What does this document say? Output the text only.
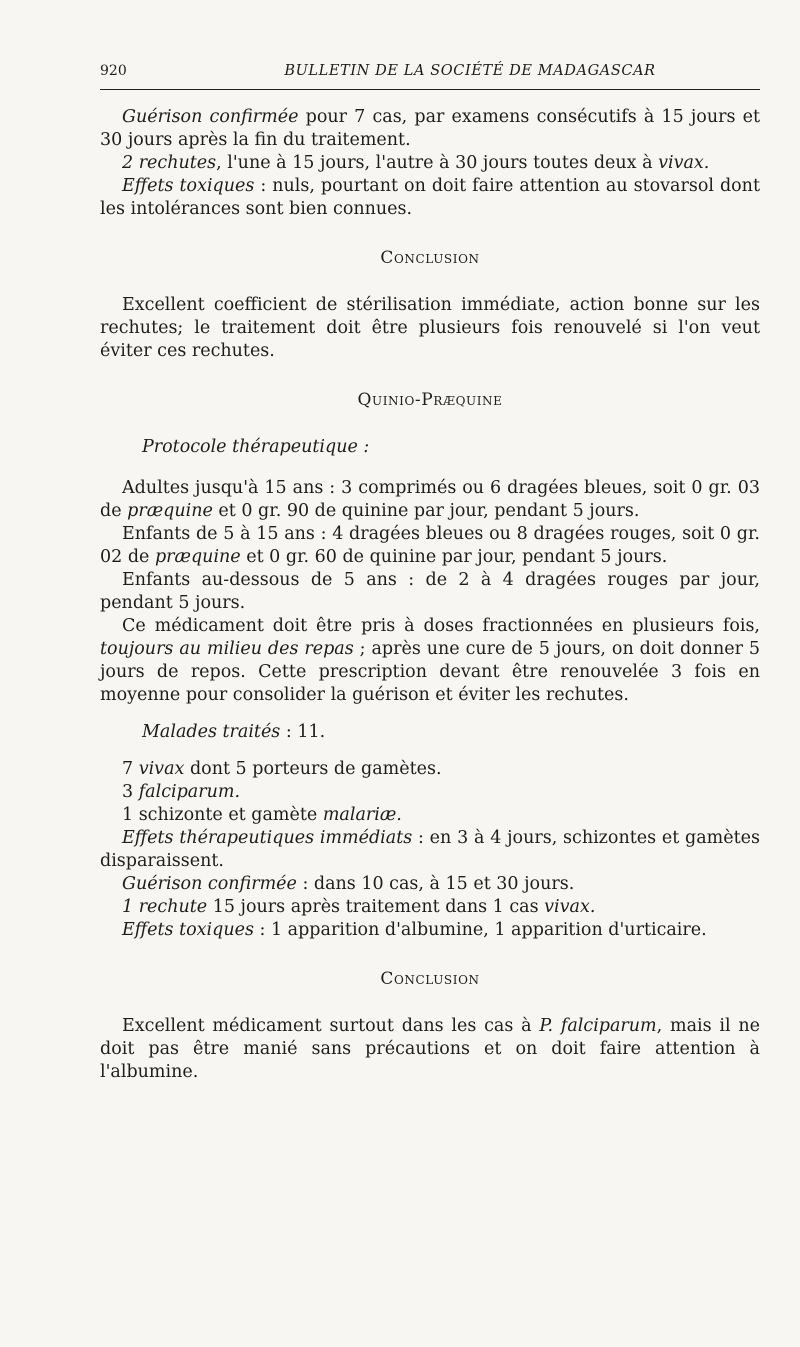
920	BULLETIN DE LA SOCIÉTÉ DE MADAGASCAR

Guérison confirmée pour 7 cas, par examens consécutifs à 15 jours et 30 jours après la fin du traitement.

2 rechutes, l'une à 15 jours, l'autre à 30 jours toutes deux à vivax.

Effets toxiques : nuls, pourtant on doit faire attention au stovarsol dont les intolérances sont bien connues.

Conclusion

Excellent coefficient de stérilisation immédiate, action bonne sur les rechutes; le traitement doit être plusieurs fois renouvelé si l'on veut éviter ces rechutes.

Quinio-Præquine

Protocole thérapeutique :

Adultes jusqu'à 15 ans : 3 comprimés ou 6 dragées bleues, soit 0 gr. 03 de præquine et 0 gr. 90 de quinine par jour, pendant 5 jours.

Enfants de 5 à 15 ans : 4 dragées bleues ou 8 dragées rouges, soit 0 gr. 02 de præquine et 0 gr. 60 de quinine par jour, pendant 5 jours.

Enfants au-dessous de 5 ans : de 2 à 4 dragées rouges par jour, pendant 5 jours.

Ce médicament doit être pris à doses fractionnées en plusieurs fois, toujours au milieu des repas ; après une cure de 5 jours, on doit donner 5 jours de repos. Cette prescription devant être renouvelée 3 fois en moyenne pour consolider la guérison et éviter les rechutes.

Malades traités : 11.

7 vivax dont 5 porteurs de gamètes.

3 falciparum.

1 schizonte et gamète malariæ.

Effets thérapeutiques immédiats : en 3 à 4 jours, schizontes et gamètes disparaissent.

Guérison confirmée : dans 10 cas, à 15 et 30 jours.

1 rechute 15 jours après traitement dans 1 cas vivax.

Effets toxiques : 1 apparition d'albumine, 1 apparition d'urticaire.

Conclusion

Excellent médicament surtout dans les cas à P. falciparum, mais il ne doit pas être manié sans précautions et on doit faire attention à l'albumine.
